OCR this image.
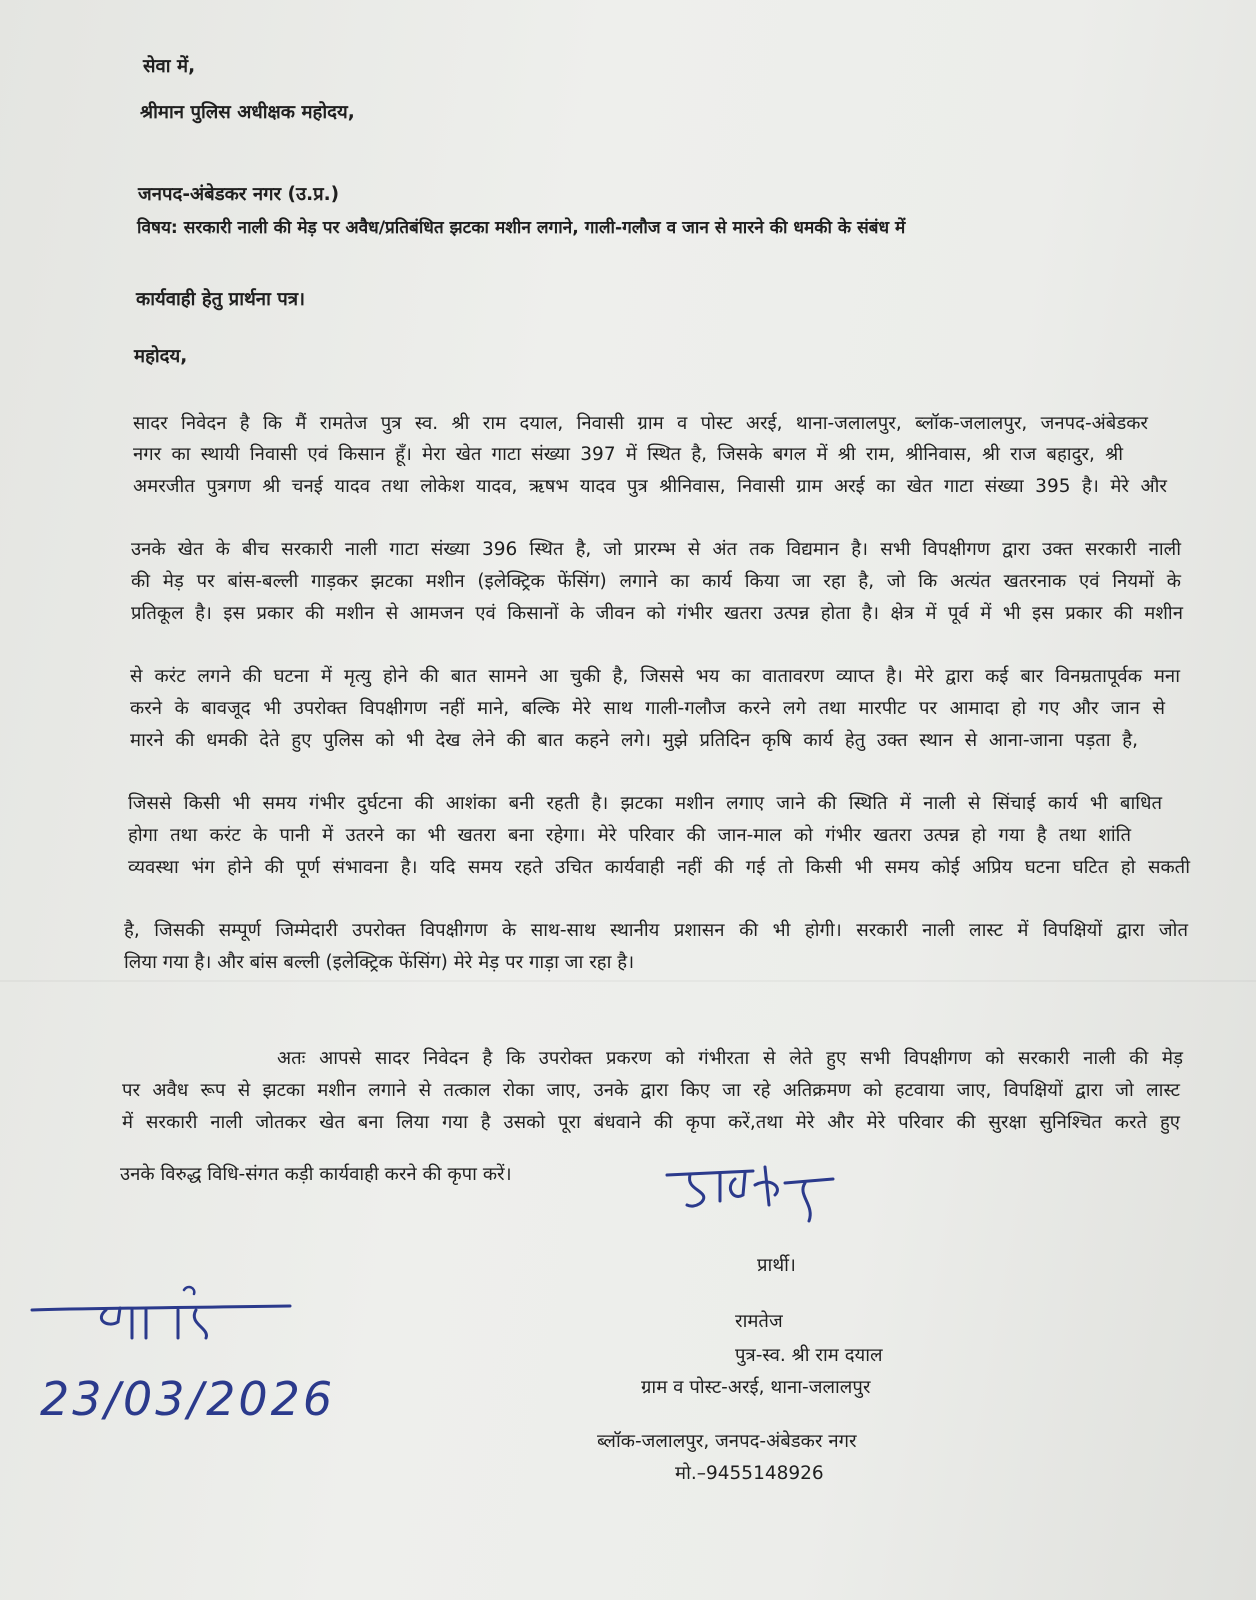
सेवा में,
श्रीमान पुलिस अधीक्षक महोदय,
जनपद-अंबेडकर नगर (उ.प्र.)
विषय: सरकारी नाली की मेड़ पर अवैध/प्रतिबंधित झटका मशीन लगाने, गाली-गलौज व जान से मारने की धमकी के संबंध में
कार्यवाही हेतु प्रार्थना पत्र।
महोदय,
सादर निवेदन है कि मैं रामतेज पुत्र स्व. श्री राम दयाल, निवासी ग्राम व पोस्ट अरई, थाना-जलालपुर, ब्लॉक-जलालपुर, जनपद-अंबेडकर
नगर का स्थायी निवासी एवं किसान हूँ। मेरा खेत गाटा संख्या 397 में स्थित है, जिसके बगल में श्री राम, श्रीनिवास, श्री राज बहादुर, श्री
अमरजीत पुत्रगण श्री चनई यादव तथा लोकेश यादव, ऋषभ यादव पुत्र श्रीनिवास, निवासी ग्राम अरई का खेत गाटा संख्या 395 है। मेरे और
उनके खेत के बीच सरकारी नाली गाटा संख्या 396 स्थित है, जो प्रारम्भ से अंत तक विद्यमान है। सभी विपक्षीगण द्वारा उक्त सरकारी नाली
की मेड़ पर बांस-बल्ली गाड़कर झटका मशीन (इलेक्ट्रिक फेंसिंग) लगाने का कार्य किया जा रहा है, जो कि अत्यंत खतरनाक एवं नियमों के
प्रतिकूल है। इस प्रकार की मशीन से आमजन एवं किसानों के जीवन को गंभीर खतरा उत्पन्न होता है। क्षेत्र में पूर्व में भी इस प्रकार की मशीन
से करंट लगने की घटना में मृत्यु होने की बात सामने आ चुकी है, जिससे भय का वातावरण व्याप्त है। मेरे द्वारा कई बार विनम्रतापूर्वक मना
करने के बावजूद भी उपरोक्त विपक्षीगण नहीं माने, बल्कि मेरे साथ गाली-गलौज करने लगे तथा मारपीट पर आमादा हो गए और जान से
मारने की धमकी देते हुए पुलिस को भी देख लेने की बात कहने लगे। मुझे प्रतिदिन कृषि कार्य हेतु उक्त स्थान से आना-जाना पड़ता है,
जिससे किसी भी समय गंभीर दुर्घटना की आशंका बनी रहती है। झटका मशीन लगाए जाने की स्थिति में नाली से सिंचाई कार्य भी बाधित
होगा तथा करंट के पानी में उतरने का भी खतरा बना रहेगा। मेरे परिवार की जान-माल को गंभीर खतरा उत्पन्न हो गया है तथा शांति
व्यवस्था भंग होने की पूर्ण संभावना है। यदि समय रहते उचित कार्यवाही नहीं की गई तो किसी भी समय कोई अप्रिय घटना घटित हो सकती
है, जिसकी सम्पूर्ण जिम्मेदारी उपरोक्त विपक्षीगण के साथ-साथ स्थानीय प्रशासन की भी होगी। सरकारी नाली लास्ट में विपक्षियों द्वारा जोत
लिया गया है। और बांस बल्ली (इलेक्ट्रिक फेंसिंग) मेरे मेड़ पर गाड़ा जा रहा है।
अतः आपसे सादर निवेदन है कि उपरोक्त प्रकरण को गंभीरता से लेते हुए सभी विपक्षीगण को सरकारी नाली की मेड़
पर अवैध रूप से झटका मशीन लगाने से तत्काल रोका जाए, उनके द्वारा किए जा रहे अतिक्रमण को हटवाया जाए, विपक्षियों द्वारा जो लास्ट
में सरकारी नाली जोतकर खेत बना लिया गया है उसको पूरा बंधवाने की कृपा करें,तथा मेरे और मेरे परिवार की सुरक्षा सुनिश्चित करते हुए
उनके विरुद्ध विधि-संगत कड़ी कार्यवाही करने की कृपा करें।
प्रार्थी।
रामतेज
पुत्र-स्व. श्री राम दयाल
ग्राम व पोस्ट-अरई, थाना-जलालपुर
ब्लॉक-जलालपुर, जनपद-अंबेडकर नगर
मो.–9455148926
23/03/2026
